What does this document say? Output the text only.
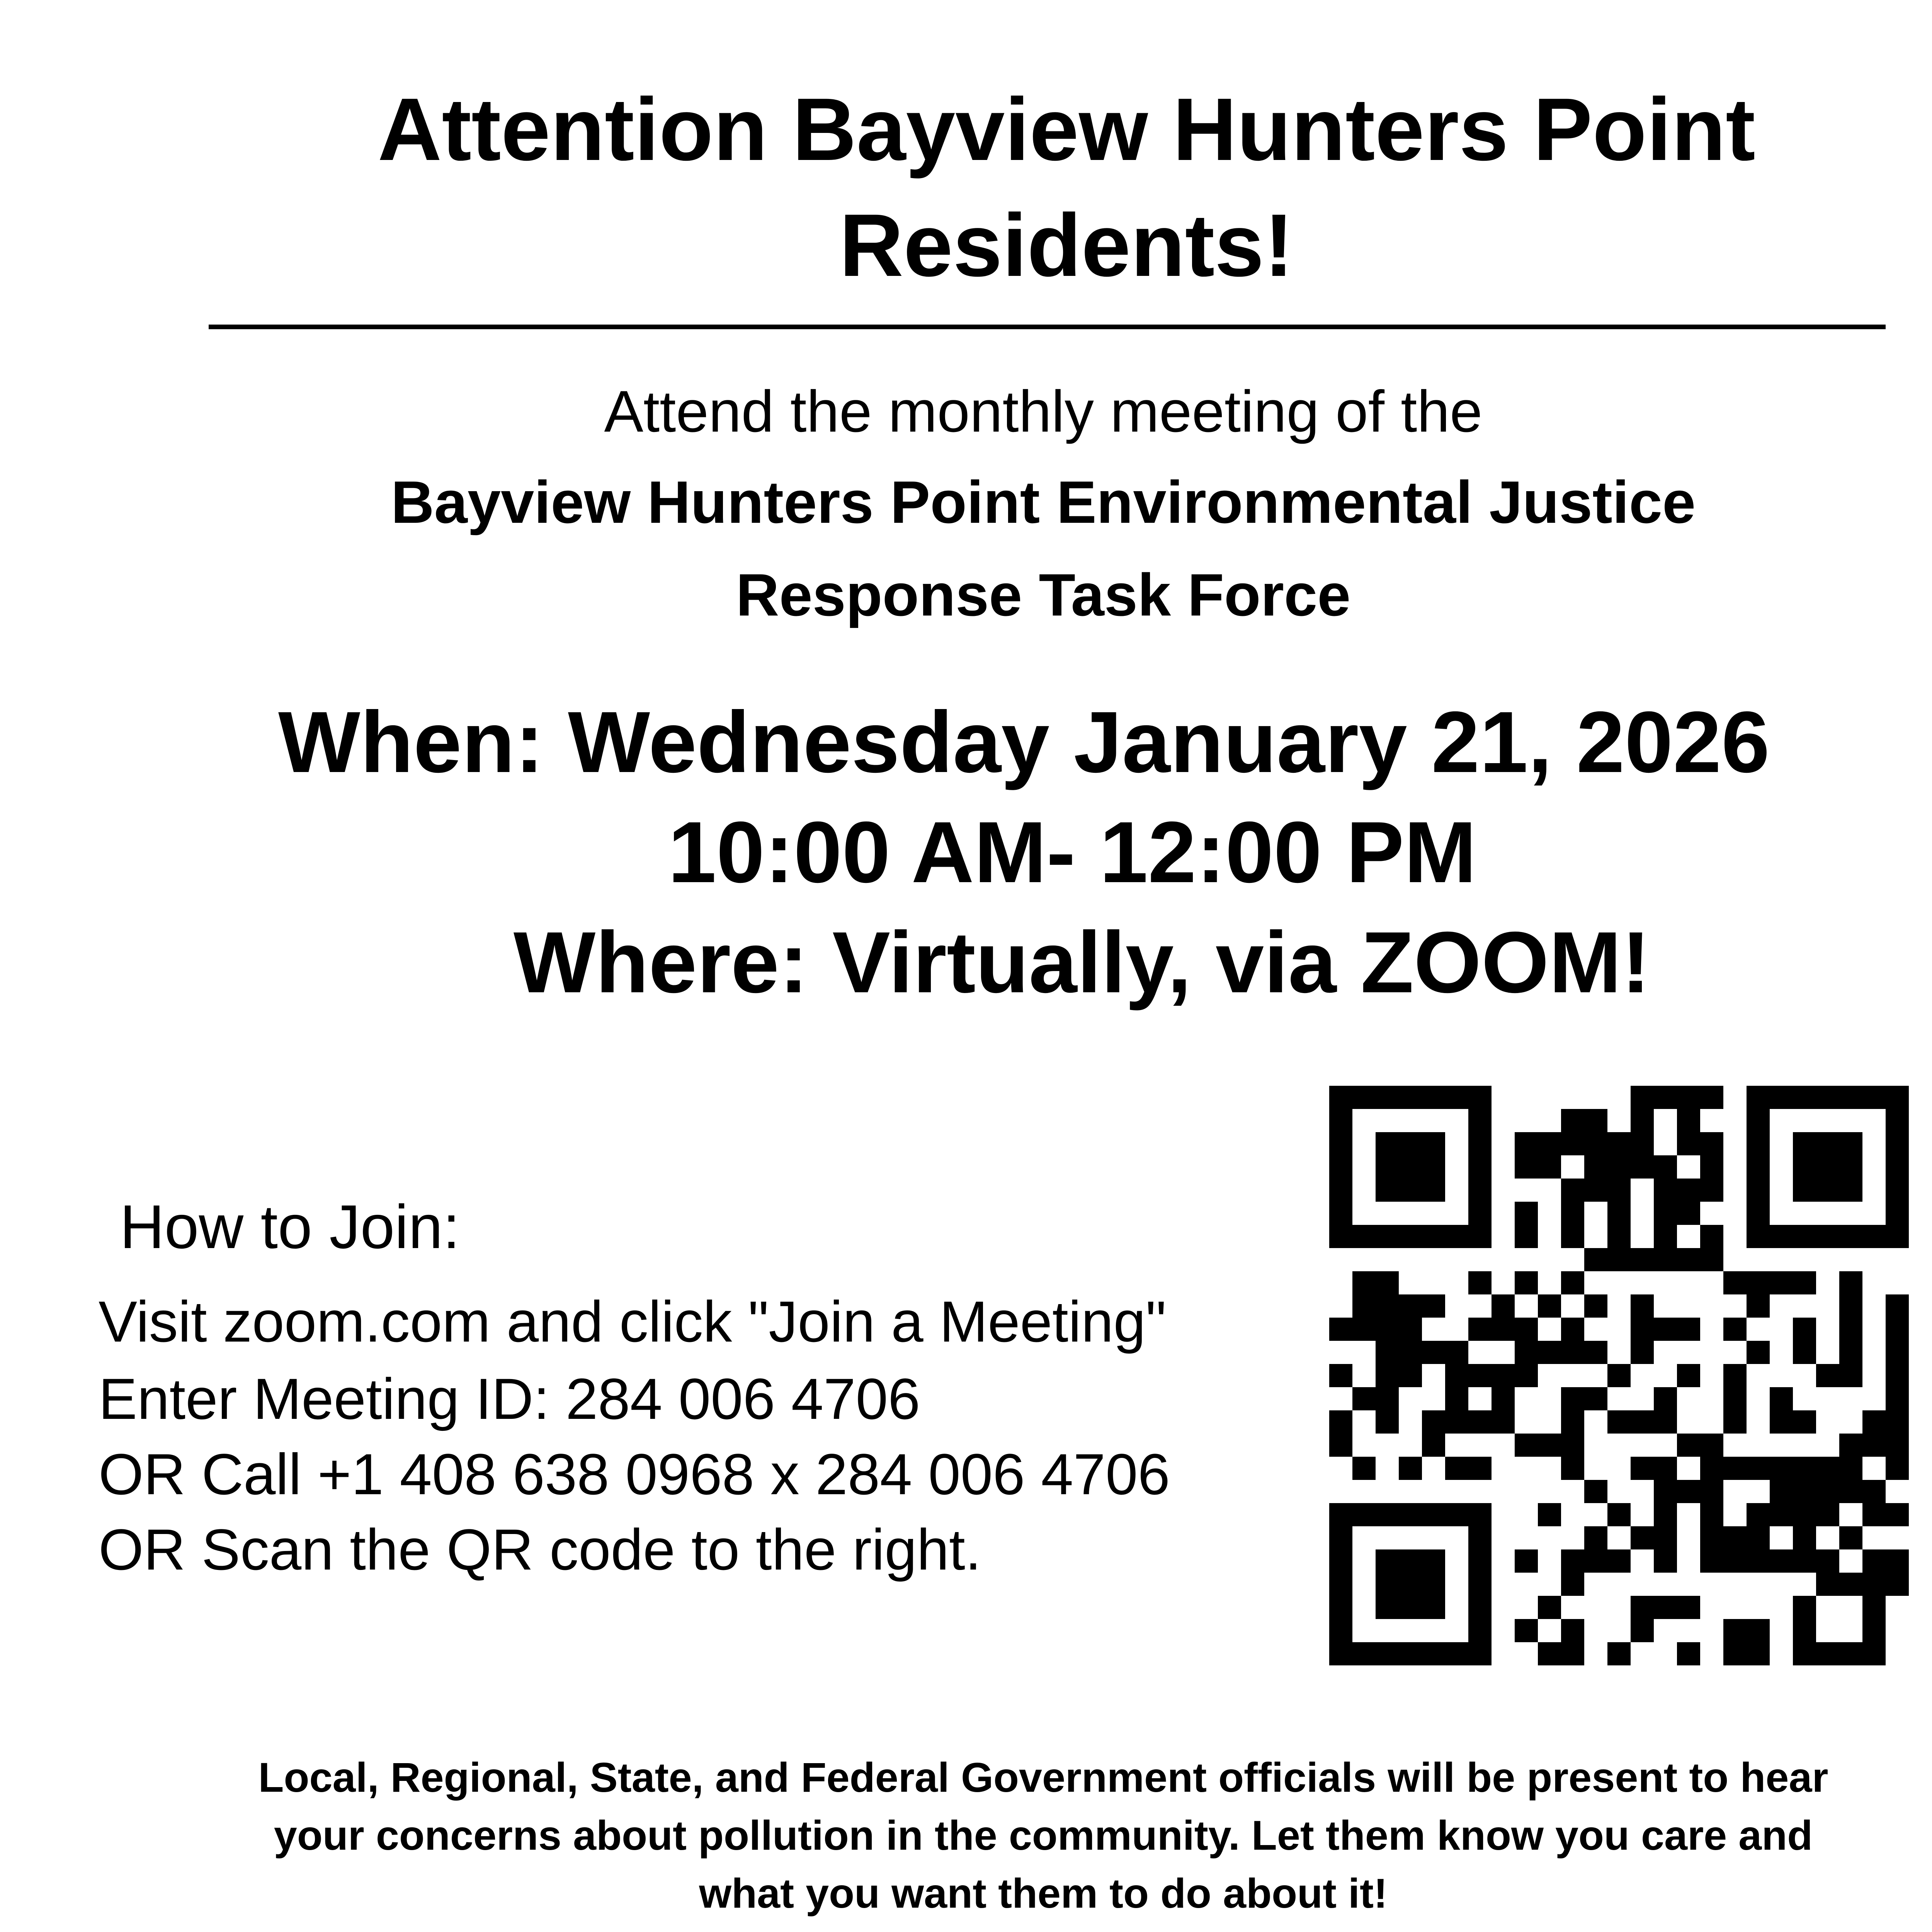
Attention Bayview Hunters Point
Residents!

Attend the monthly meeting of the

Bayview Hunters Point Environmental Justice

Response Task Force

When: Wednesday January 21, 2026

10:00 AM- 12:00 PM

Where: Virtually, via ZOOM!

How to Join:

Visit zoom.com and click "Join a Meeting"

Enter Meeting ID: 284 006 4706

OR Call +1 408 638 0968 x 284 006 4706

OR Scan the QR code to the right.

Local, Regional, State, and Federal Government officials will be present to hear

your concerns about pollution in the community. Let them know you care and

what you want them to do about it!
